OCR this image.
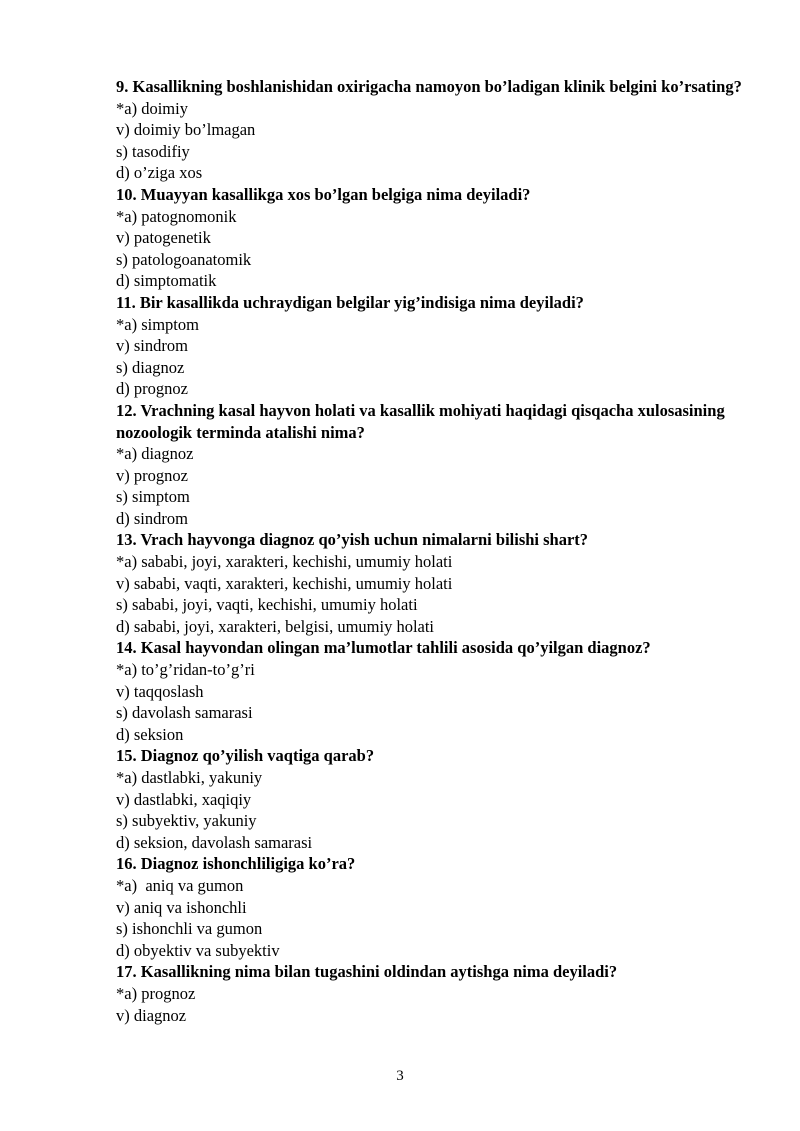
9. Kasallikning boshlanishidan oxirigacha namoyon bo’ladigan klinik belgini ko’rsating?
*a) doimiy
v) doimiy bo’lmagan
s) tasodifiy
d) o’ziga xos
10. Muayyan kasallikga xos bo’lgan belgiga nima deyiladi?
*a) patognomonik
v) patogenetik
s) patologoanatomik
d) simptomatik
11. Bir kasallikda uchraydigan belgilar yig’indisiga nima deyiladi?
*a) simptom
v) sindrom
s) diagnoz
d) prognoz
12. Vrachning kasal hayvon holati va kasallik mohiyati haqidagi qisqacha xulosasining nozoologik terminda atalishi nima?
*a) diagnoz
v) prognoz
s) simptom
d) sindrom
13. Vrach hayvonga diagnoz qo’yish uchun nimalarni bilishi shart?
*a) sababi, joyi, xarakteri, kechishi, umumiy holati
v) sababi, vaqti, xarakteri, kechishi, umumiy holati
s) sababi, joyi, vaqti, kechishi, umumiy holati
d) sababi, joyi, xarakteri, belgisi, umumiy holati
14. Kasal hayvondan olingan ma’lumotlar tahlili asosida qo’yilgan diagnoz?
*a) to’g’ridan-to’g’ri
v) taqqoslash
s) davolash samarasi
d) seksion
15. Diagnoz qo’yilish vaqtiga qarab?
*a) dastlabki, yakuniy
v) dastlabki, xaqiqiy
s) subyektiv, yakuniy
d) seksion, davolash samarasi
16. Diagnoz ishonchliligiga ko’ra?
*a)  aniq va gumon
v) aniq va ishonchli
s) ishonchli va gumon
d) obyektiv va subyektiv
17. Kasallikning nima bilan tugashini oldindan aytishga nima deyiladi?
*a) prognoz
v) diagnoz
3
